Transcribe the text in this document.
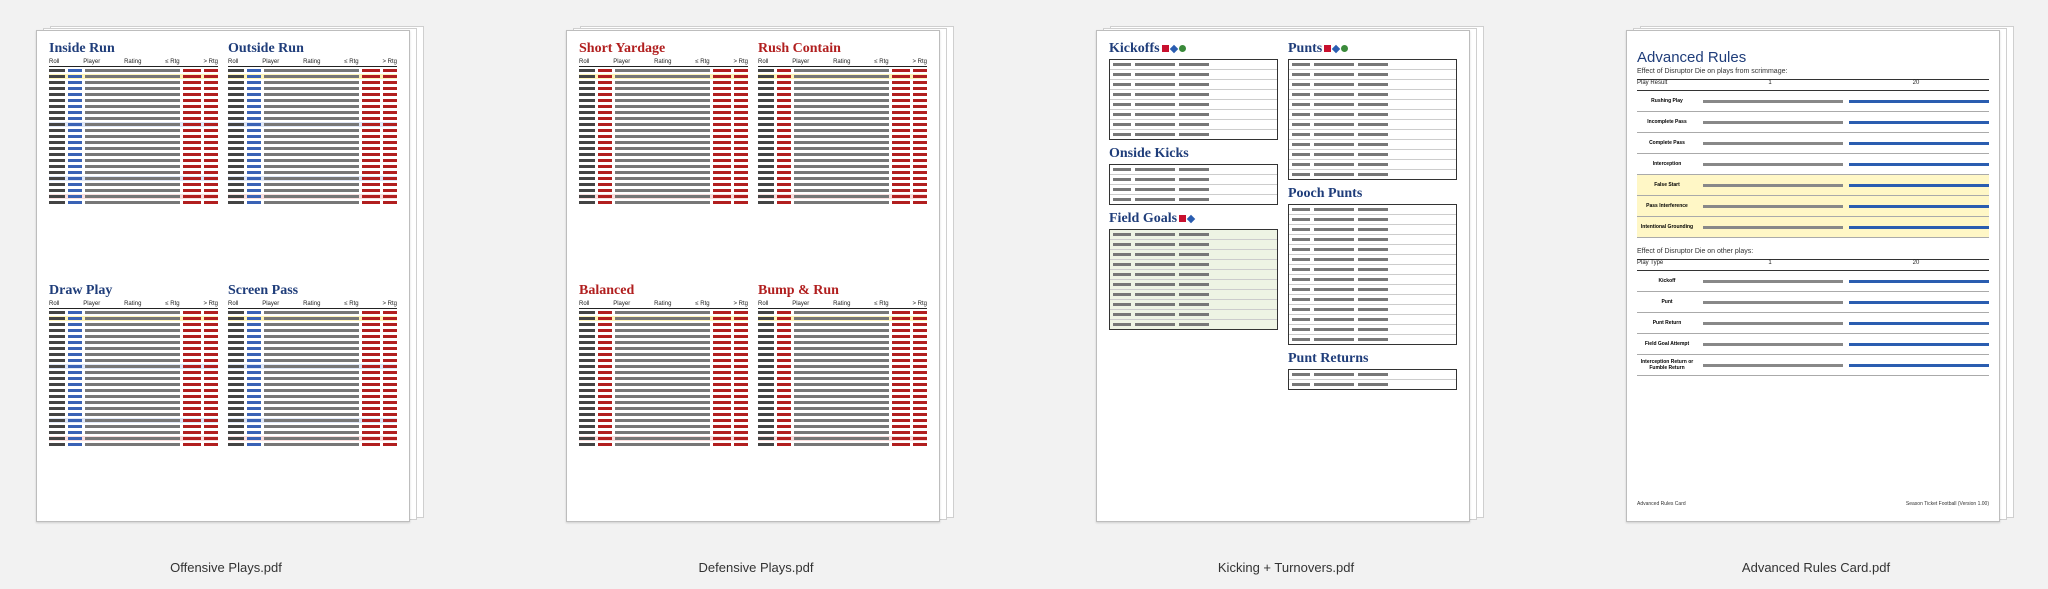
Inside Run
Roll	Player	Rating	≤ Rtg	> Rtg
Outside Run
Roll	Player	Rating	≤ Rtg	> Rtg
Draw Play
Roll	Player	Rating	≤ Rtg	> Rtg
Screen Pass
Roll	Player	Rating	≤ Rtg	> Rtg
Offensive Plays.pdf
Short Yardage
Roll	Player	Rating	≤ Rtg	> Rtg
Rush Contain
Roll	Player	Rating	≤ Rtg	> Rtg
Balanced
Roll	Player	Rating	≤ Rtg	> Rtg
Bump & Run
Roll	Player	Rating	≤ Rtg	> Rtg
Defensive Plays.pdf
Kickoffs
Onside Kicks
Field Goals
Punts
Pooch Punts
Punt Returns
Kicking + Turnovers.pdf
Advanced Rules
Effect of Disruptor Die on plays from scrimmage:
Play Result	1	20
Rushing Play
Incomplete Pass
Complete Pass
Interception
False Start
Pass Interference
Intentional Grounding
Effect of Disruptor Die on other plays:
Play Type	1	20
Kickoff
Punt
Punt Return
Field Goal Attempt
Interception Return or Fumble Return
Advanced Rules Card	Season Ticket Football (Version 1.00)
Advanced Rules Card.pdf
